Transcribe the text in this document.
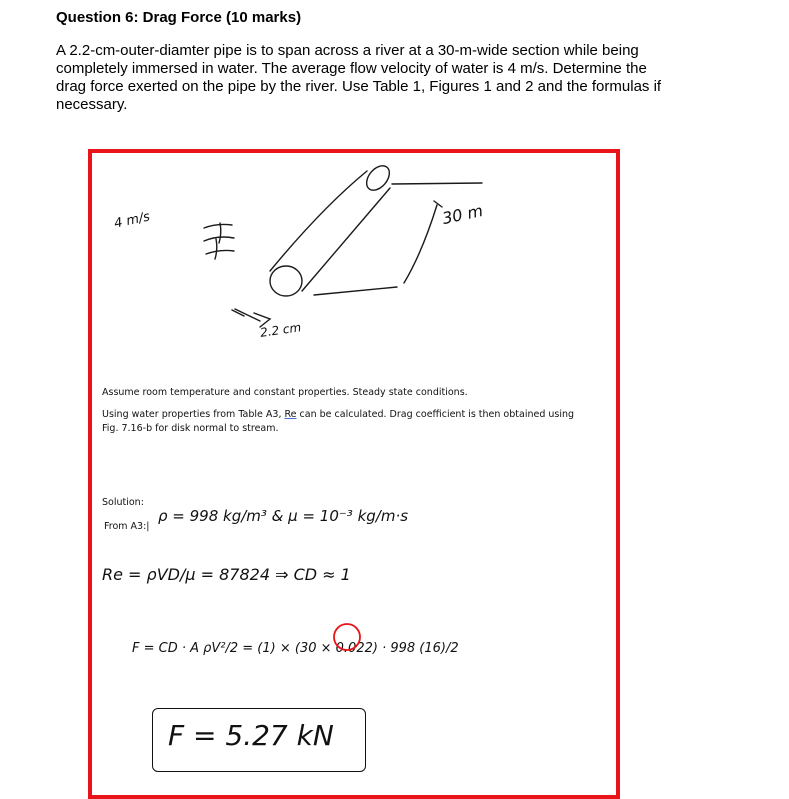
Question 6: Drag Force (10 marks)
A 2.2-cm-outer-diamter pipe is to span across a river at a 30-m-wide section while being completely immersed in water. The average flow velocity of water is 4 m/s. Determine the drag force exerted on the pipe by the river. Use Table 1, Figures 1 and 2 and the formulas if necessary.
4 m/s	30 m
2.2 cm
Assume room temperature and constant properties. Steady state conditions.
Using water properties from Table A3, Re can be calculated. Drag coefficient is then obtained using Fig. 7.16-b for disk normal to stream.
Solution:
From A3:|
ρ = 998 kg/m³ & μ = 10⁻³ kg/m·s
Re = ρVD/μ = 87824 ⇒ CD ≈ 1
F = CD · A ρV²/2 = (1) × (30 × 0.022) · 998 (16)/2
F = 5.27 kN
